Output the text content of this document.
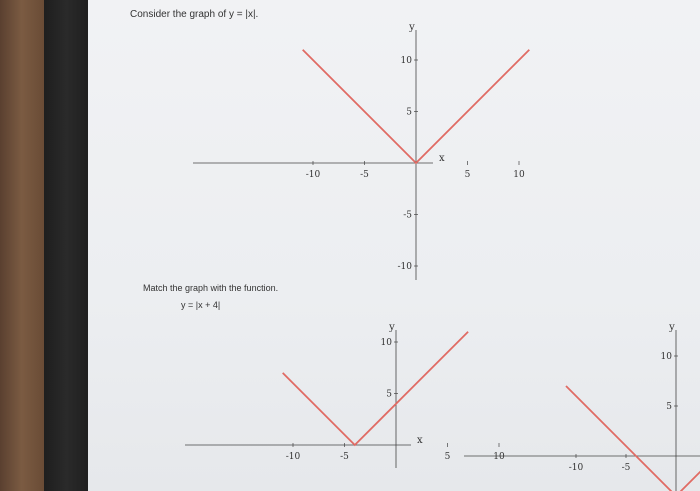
Consider the graph of y = |x|.
y
x
-10	-5	5	10
10
5
-5
-10
Match the graph with the function.
y = |x + 4|
y
x
-10	-5	5	10
10
5
y
-10	-5
10
5
